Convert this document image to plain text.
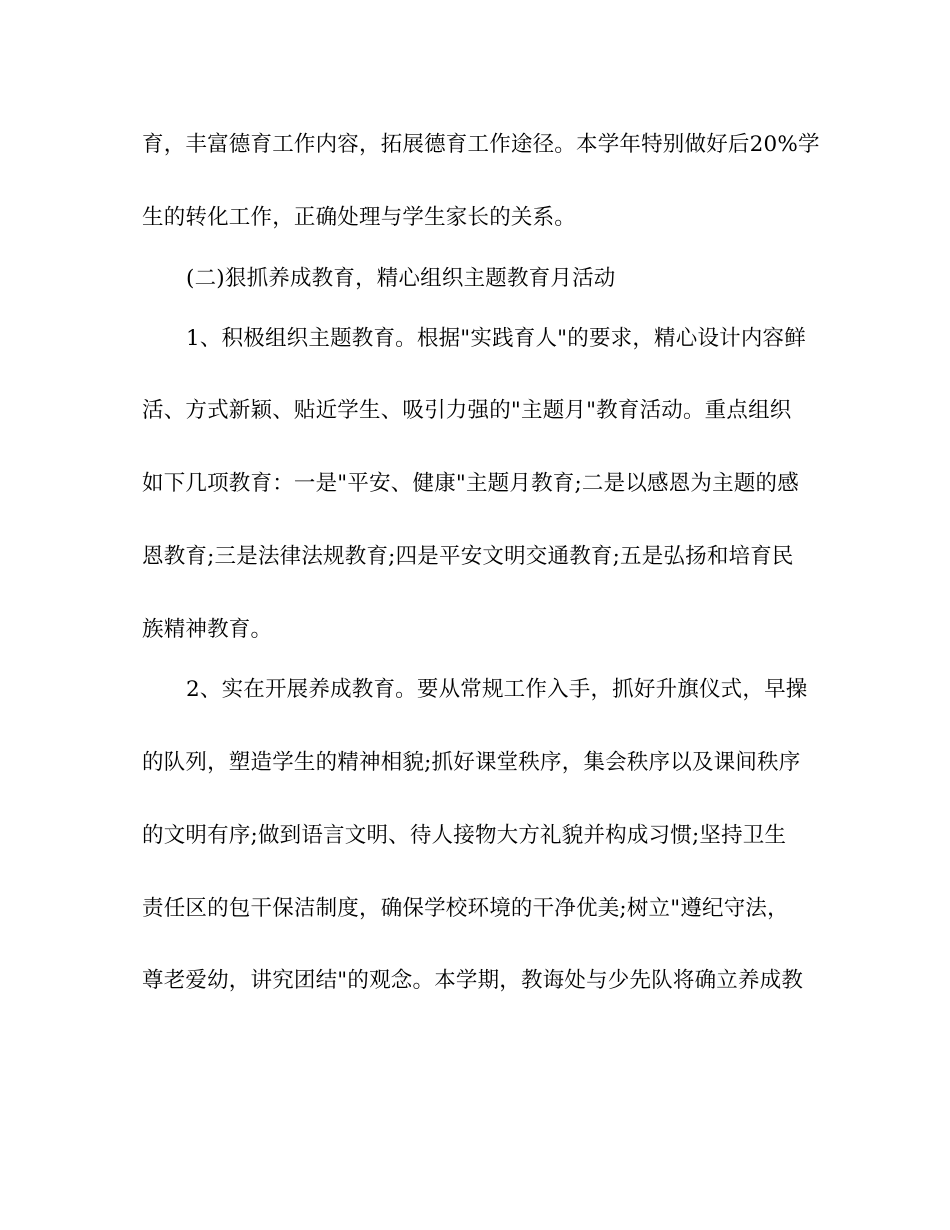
育，丰富德育工作内容，拓展德育工作途径。本学年特别做好后20%学
生的转化工作，正确处理与学生家长的关系。
(二)狠抓养成教育，精心组织主题教育月活动
1、积极组织主题教育。根据"实践育人"的要求，精心设计内容鲜
活、方式新颖、贴近学生、吸引力强的"主题月"教育活动。重点组织
如下几项教育：一是"平安、健康"主题月教育;二是以感恩为主题的感
恩教育;三是法律法规教育;四是平安文明交通教育;五是弘扬和培育民
族精神教育。
2、实在开展养成教育。要从常规工作入手，抓好升旗仪式，早操
的队列，塑造学生的精神相貌;抓好课堂秩序，集会秩序以及课间秩序
的文明有序;做到语言文明、待人接物大方礼貌并构成习惯;坚持卫生
责任区的包干保洁制度，确保学校环境的干净优美;树立"遵纪守法，
尊老爱幼，讲究团结"的观念。本学期，教诲处与少先队将确立养成教
